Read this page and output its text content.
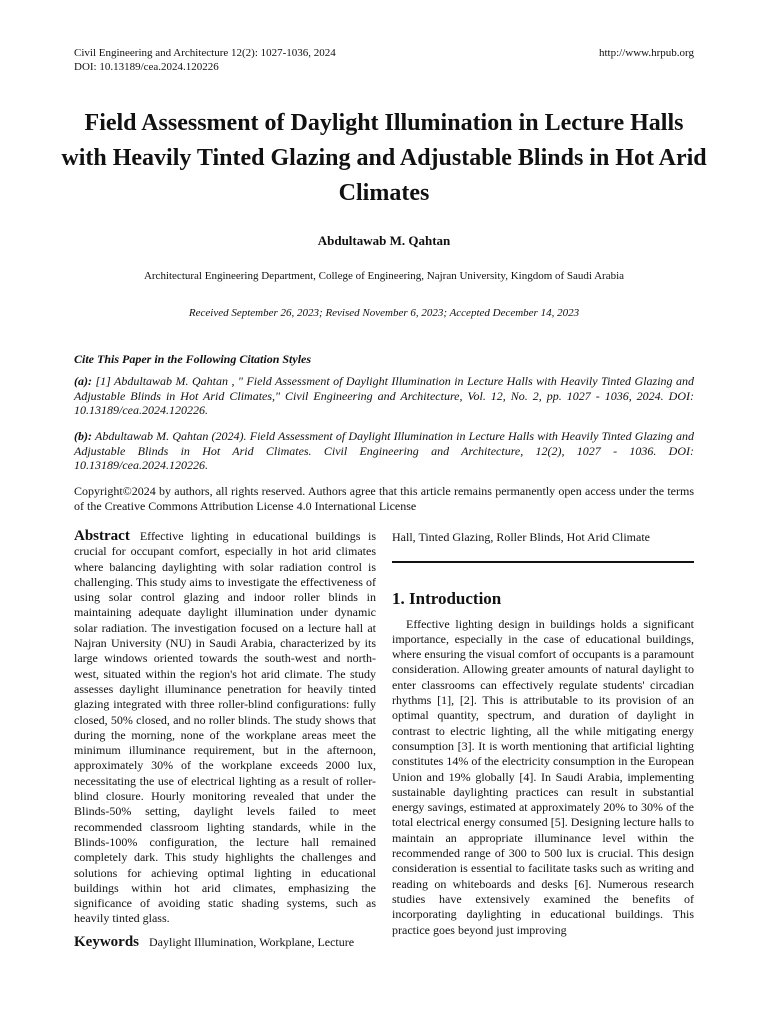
Civil Engineering and Architecture 12(2): 1027-1036, 2024
DOI: 10.13189/cea.2024.120226
http://www.hrpub.org
Field Assessment of Daylight Illumination in Lecture Halls with Heavily Tinted Glazing and Adjustable Blinds in Hot Arid Climates
Abdultawab M. Qahtan
Architectural Engineering Department, College of Engineering, Najran University, Kingdom of Saudi Arabia
Received September 26, 2023; Revised November 6, 2023; Accepted December 14, 2023
Cite This Paper in the Following Citation Styles
(a): [1] Abdultawab M. Qahtan , " Field Assessment of Daylight Illumination in Lecture Halls with Heavily Tinted Glazing and Adjustable Blinds in Hot Arid Climates," Civil Engineering and Architecture, Vol. 12, No. 2, pp. 1027 - 1036, 2024. DOI: 10.13189/cea.2024.120226.
(b): Abdultawab M. Qahtan (2024). Field Assessment of Daylight Illumination in Lecture Halls with Heavily Tinted Glazing and Adjustable Blinds in Hot Arid Climates. Civil Engineering and Architecture, 12(2), 1027 - 1036. DOI: 10.13189/cea.2024.120226.
Copyright©2024 by authors, all rights reserved. Authors agree that this article remains permanently open access under the terms of the Creative Commons Attribution License 4.0 International License
Abstract Effective lighting in educational buildings is crucial for occupant comfort, especially in hot arid climates where balancing daylighting with solar radiation control is challenging. This study aims to investigate the effectiveness of using solar control glazing and indoor roller blinds in maintaining adequate daylight illumination under dynamic solar radiation. The investigation focused on a lecture hall at Najran University (NU) in Saudi Arabia, characterized by its large windows oriented towards the south-west and north-west, situated within the region's hot arid climate. The study assesses daylight illuminance penetration for heavily tinted glazing integrated with three roller-blind configurations: fully closed, 50% closed, and no roller blinds. The study shows that during the morning, none of the workplane areas meet the minimum illuminance requirement, but in the afternoon, approximately 30% of the workplane exceeds 2000 lux, necessitating the use of electrical lighting as a result of roller-blind closure. Hourly monitoring revealed that under the Blinds-50% setting, daylight levels failed to meet recommended classroom lighting standards, while in the Blinds-100% configuration, the lecture hall remained completely dark. This study highlights the challenges and solutions for achieving optimal lighting in educational buildings within hot arid climates, emphasizing the significance of avoiding static shading systems, such as heavily tinted glass.
Keywords Daylight Illumination, Workplane, Lecture
Hall, Tinted Glazing, Roller Blinds, Hot Arid Climate
1. Introduction
Effective lighting design in buildings holds a significant importance, especially in the case of educational buildings, where ensuring the visual comfort of occupants is a paramount consideration. Allowing greater amounts of natural daylight to enter classrooms can effectively regulate students' circadian rhythms [1], [2]. This is attributable to its provision of an optimal quantity, spectrum, and duration of daylight in contrast to electric lighting, all the while mitigating energy consumption [3]. It is worth mentioning that artificial lighting constitutes 14% of the electricity consumption in the European Union and 19% globally [4]. In Saudi Arabia, implementing sustainable daylighting practices can result in substantial energy savings, estimated at approximately 20% to 30% of the total electrical energy consumed [5]. Designing lecture halls to maintain an appropriate illuminance level within the recommended range of 300 to 500 lux is crucial. This design consideration is essential to facilitate tasks such as writing and reading on whiteboards and desks [6]. Numerous research studies have extensively examined the benefits of incorporating daylighting in educational buildings. This practice goes beyond just improving
